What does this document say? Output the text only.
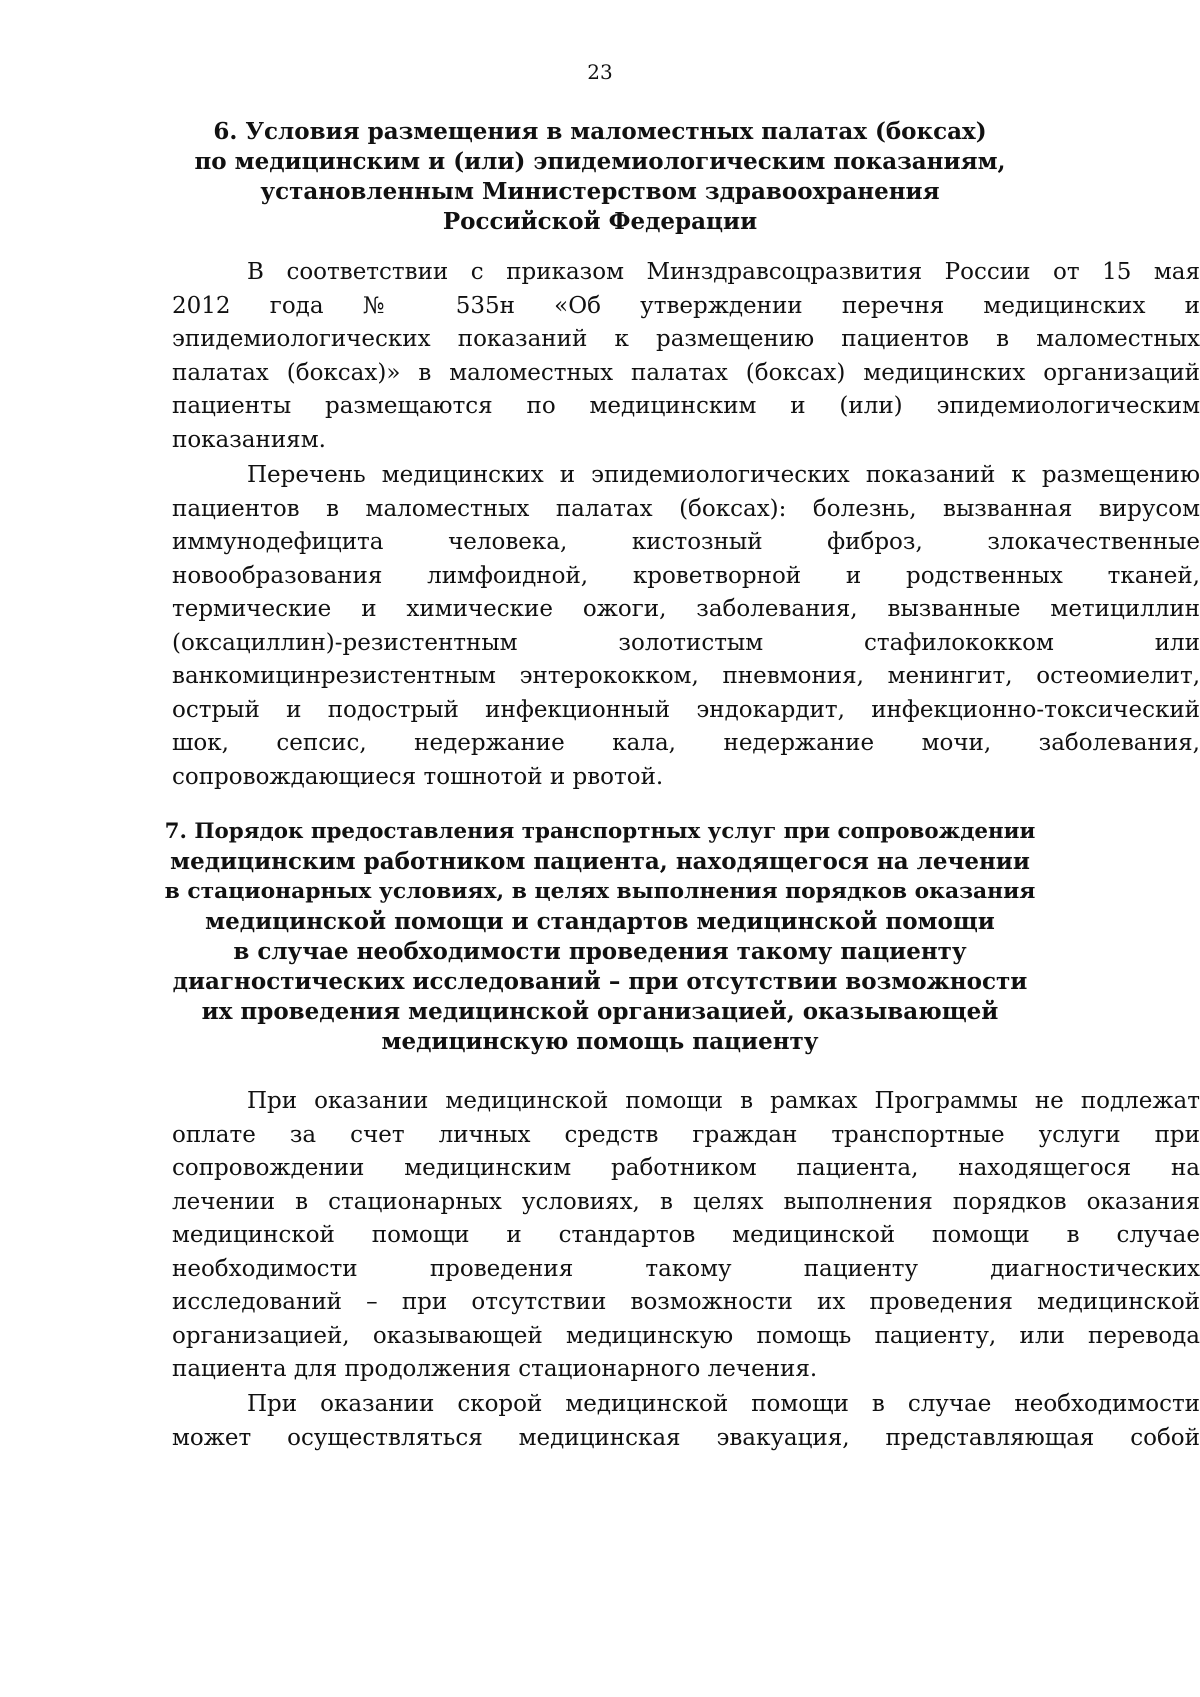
23
6. Условия размещения в маломестных палатах (боксах)
по медицинским и (или) эпидемиологическим показаниям,
установленным Министерством здравоохранения
Российской Федерации
В соответствии с приказом Минздравсоцразвития России от 15 мая
2012 года № 535н «Об утверждении перечня медицинских и
эпидемиологических показаний к размещению пациентов в маломестных
палатах (боксах)» в маломестных палатах (боксах) медицинских организаций
пациенты размещаются по медицинским и (или) эпидемиологическим
показаниям.
Перечень медицинских и эпидемиологических показаний к размещению
пациентов в маломестных палатах (боксах): болезнь, вызванная вирусом
иммунодефицита человека, кистозный фиброз, злокачественные
новообразования лимфоидной, кроветворной и родственных тканей,
термические и химические ожоги, заболевания, вызванные метициллин
(оксациллин)-резистентным золотистым стафилококком или
ванкомицинрезистентным энтерококком, пневмония, менингит, остеомиелит,
острый и подострый инфекционный эндокардит, инфекционно-токсический
шок, сепсис, недержание кала, недержание мочи, заболевания,
сопровождающиеся тошнотой и рвотой.
7. Порядок предоставления транспортных услуг при сопровождении
медицинским работником пациента, находящегося на лечении
в стационарных условиях, в целях выполнения порядков оказания
медицинской помощи и стандартов медицинской помощи
в случае необходимости проведения такому пациенту
диагностических исследований – при отсутствии возможности
их проведения медицинской организацией, оказывающей
медицинскую помощь пациенту
При оказании медицинской помощи в рамках Программы не подлежат
оплате за счет личных средств граждан транспортные услуги при
сопровождении медицинским работником пациента, находящегося на
лечении в стационарных условиях, в целях выполнения порядков оказания
медицинской помощи и стандартов медицинской помощи в случае
необходимости проведения такому пациенту диагностических
исследований – при отсутствии возможности их проведения медицинской
организацией, оказывающей медицинскую помощь пациенту, или перевода
пациента для продолжения стационарного лечения.
При оказании скорой медицинской помощи в случае необходимости
может осуществляться медицинская эвакуация, представляющая собой
